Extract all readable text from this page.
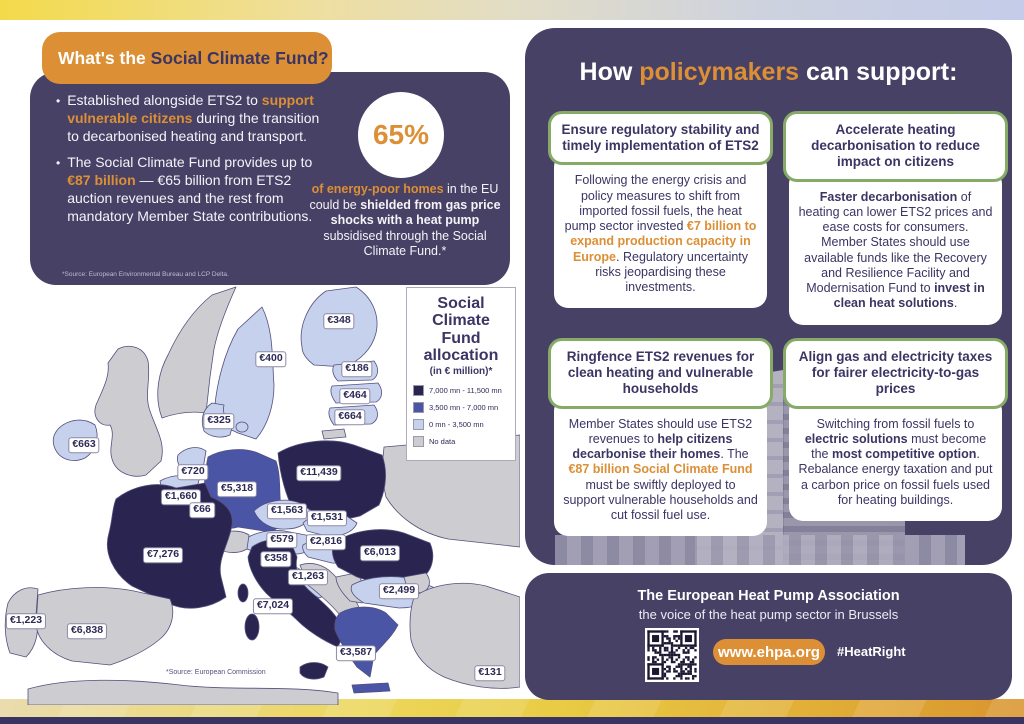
What's the Social Climate Fund?
• Established alongside ETS2 to support vulnerable citizens during the transition to decarbonised heating and transport.
• The Social Climate Fund provides up to €87 billion — €65 billion from ETS2 auction revenues and the rest from mandatory Member State contributions.
*Source: European Environmental Bureau and LCP Delta.
65%
of energy-poor homes in the EU could be shielded from gas price shocks with a heat pump subsidised through the Social Climate Fund.*
Social
Climate
Fund
allocation
(in € million)*
7,000 mn - 11,500 mn
3,500 mn - 7,000 mn
0 mn - 3,500 mn
No data
*Source: European Commission
€348
€400
€186
€464
€664
€325
€663
€720	€11,439
€5,318
€1,660
€66	€1,563
€1,531
€579	€2,816
€6,013
€7,276	€358
€1,263
€2,499
€7,024
€1,223
€6,838
€3,587
€131
How policymakers can support:
Ensure regulatory stability and timely implementation of ETS2
Following the energy crisis and policy measures to shift from imported fossil fuels, the heat pump sector invested €7 billion to expand production capacity in Europe. Regulatory uncertainty risks jeopardising these investments.
Accelerate heating decarbonisation to reduce impact on citizens
Faster decarbonisation of heating can lower ETS2 prices and ease costs for consumers. Member States should use available funds like the Recovery and Resilience Facility and Modernisation Fund to invest in clean heat solutions.
Ringfence ETS2 revenues for clean heating and vulnerable households
Member States should use ETS2 revenues to help citizens decarbonise their homes. The €87 billion Social Climate Fund must be swiftly deployed to support vulnerable households and cut fossil fuel use.
Align gas and electricity taxes for fairer electricity-to-gas prices
Switching from fossil fuels to electric solutions must become the most competitive option. Rebalance energy taxation and put a carbon price on fossil fuels used for heating buildings.
The European Heat Pump Association
the voice of the heat pump sector in Brussels
www.ehpa.org #HeatRight
